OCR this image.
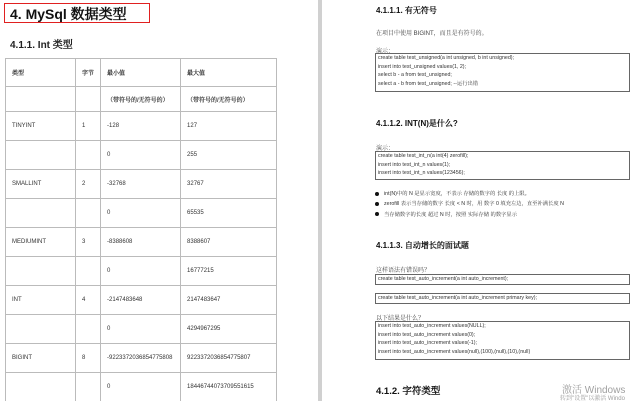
4. MySql 数据类型
4.1.1. Int 类型
类型	字节	最小值	最大值
		（带符号的/无符号的）	（带符号的/无符号的）
TINYINT	1	-128	127
		0	255
SMALLINT	2	-32768	32767
		0	65535
MEDIUMINT	3	-8388608	8388607
		0	16777215
INT	4	-2147483648	2147483647
		0	4294967295
BIGINT	8	-9223372036854775808	9223372036854775807
		0	18446744073709551615
4.1.1.1. 有无符号
在项目中使用 BIGINT，而且是有符号的。
演示：
create table test_unsigned(a int unsigned, b int unsigned);
insert into test_unsigned values(1, 2);
select b - a from test_unsigned;
select a - b from test_unsigned; --运行出错
4.1.1.2. INT(N)是什么?
演示：
create table test_int_n(a int(4) zerofill);
insert into test_int_n values(1);
insert into test_int_n values(123456);
int(N)中的 N 是显示宽度，不表示 存储的数字的 长度 的上限。
zerofill 表示当存储的数字 长度 < N 时，用 数字 0 填充左边，直至补满长度 N
当存储数字的长度 超过 N 时，按照 实际存储 的数字显示
4.1.1.3. 自动增长的面试题
这样语法有错误吗？
create table test_auto_increment(a int auto_increment);
create table test_auto_increment(a int auto_increment primary key);
以下结果是什么？
insert into test_auto_increment values(NULL);
insert into test_auto_increment values(0);
insert into test_auto_increment values(-1);
insert into test_auto_increment values(null),(100),(null),(10),(null)
4.1.2. 字符类型	激活 Windows
转到"设置"以激活 Windo
